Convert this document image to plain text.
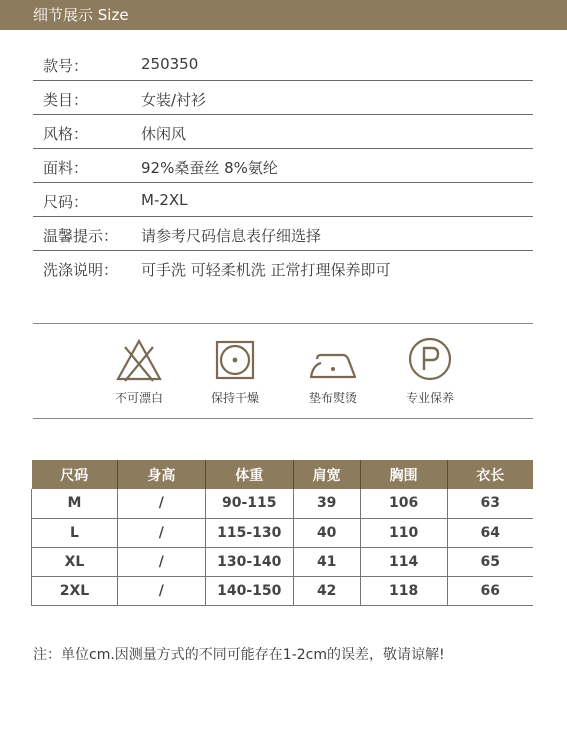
细节展示 Size
款号：	250350
类目：	女装/衬衫
风格：	休闲风
面料：	92%桑蚕丝 8%氨纶
尺码：	M-2XL
温馨提示： 请参考尺码信息表仔细选择
洗涤说明： 可手洗 可轻柔机洗 正常打理保养即可
不可漂白	保持干燥	垫布熨烫	专业保养
尺码	身高	体重	肩宽	胸围	衣长
M	/	90-115	39	106	63
L	/	115-130	40	110	64
XL	/	130-140	41	114	65
2XL	/	140-150	42	118	66
注：单位cm.因测量方式的不同可能存在1-2cm的误差，敬请谅解!
